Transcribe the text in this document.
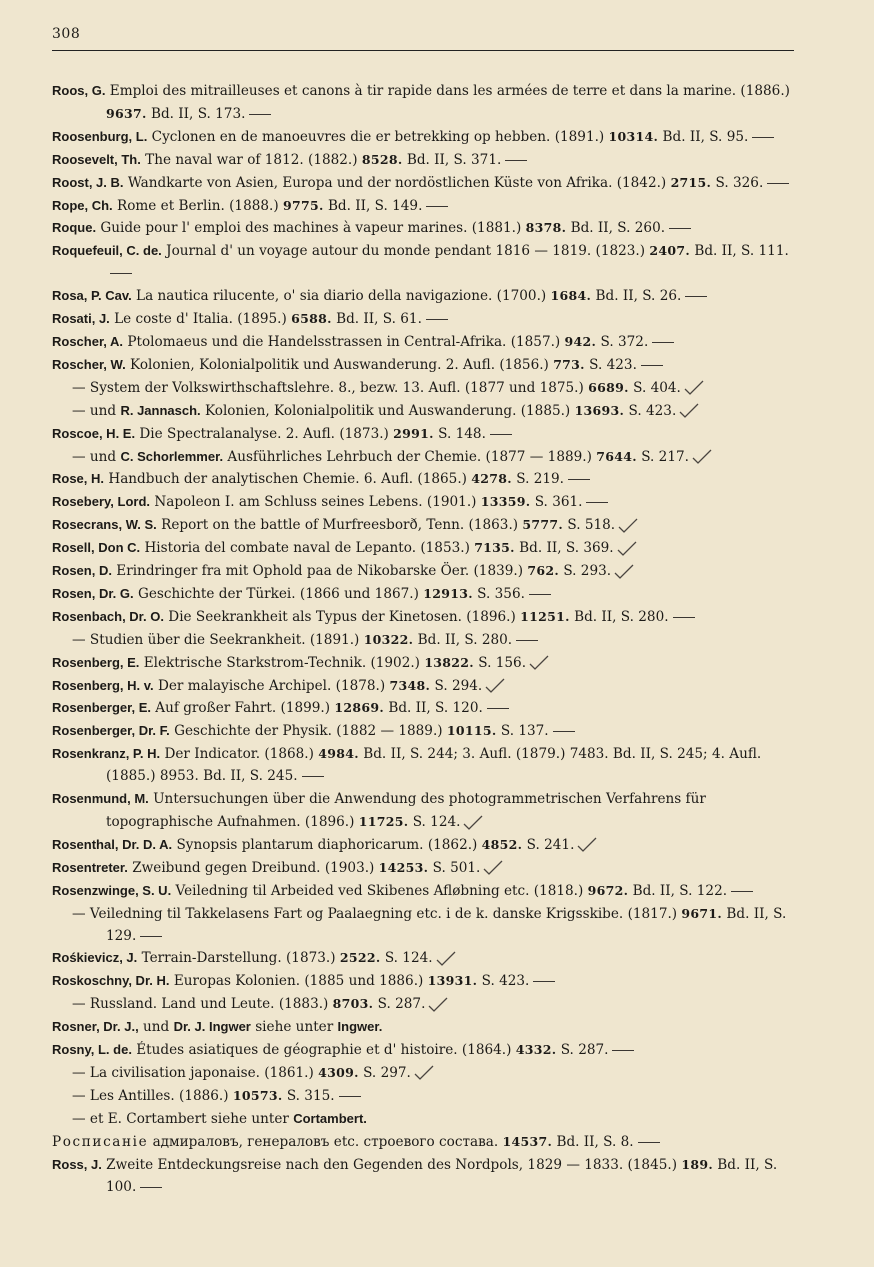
308

Roos, G. Emploi des mitrailleuses et canons à tir rapide dans les armées de terre et dans la marine. (1886.) 9637. Bd. II, S. 173.

Roosenburg, L. Cyclonen en de manoeuvres die er betrekking op hebben. (1891.) 10314. Bd. II, S. 95.

Roosevelt, Th. The naval war of 1812. (1882.) 8528. Bd. II, S. 371.

Roost, J. B. Wandkarte von Asien, Europa und der nordöstlichen Küste von Afrika. (1842.) 2715. S. 326.

Rope, Ch. Rome et Berlin. (1888.) 9775. Bd. II, S. 149.

Roque. Guide pour l' emploi des machines à vapeur marines. (1881.) 8378. Bd. II, S. 260.

Roquefeuil, C. de. Journal d' un voyage autour du monde pendant 1816 — 1819. (1823.) 2407. Bd. II, S. 111.

Rosa, P. Cav. La nautica rilucente, o' sia diario della navigazione. (1700.) 1684. Bd. II, S. 26.

Rosati, J. Le coste d' Italia. (1895.) 6588. Bd. II, S. 61.

Roscher, A. Ptolomaeus und die Handelsstrassen in Central-Afrika. (1857.) 942. S. 372.

Roscher, W. Kolonien, Kolonialpolitik und Auswanderung. 2. Aufl. (1856.) 773. S. 423.

— System der Volkswirthschaftslehre. 8., bezw. 13. Aufl. (1877 und 1875.) 6689. S. 404.

— und R. Jannasch. Kolonien, Kolonialpolitik und Auswanderung. (1885.) 13693. S. 423.

Roscoe, H. E. Die Spectralanalyse. 2. Aufl. (1873.) 2991. S. 148.

— und C. Schorlemmer. Ausführliches Lehrbuch der Chemie. (1877 — 1889.) 7644. S. 217.

Rose, H. Handbuch der analytischen Chemie. 6. Aufl. (1865.) 4278. S. 219.

Rosebery, Lord. Napoleon I. am Schluss seines Lebens. (1901.) 13359. S. 361.

Rosecrans, W. S. Report on the battle of Murfreesborð, Tenn. (1863.) 5777. S. 518.

Rosell, Don C. Historia del combate naval de Lepanto. (1853.) 7135. Bd. II, S. 369.

Rosen, D. Erindringer fra mit Ophold paa de Nikobarske Öer. (1839.) 762. S. 293.

Rosen, Dr. G. Geschichte der Türkei. (1866 und 1867.) 12913. S. 356.

Rosenbach, Dr. O. Die Seekrankheit als Typus der Kinetosen. (1896.) 11251. Bd. II, S. 280.

— Studien über die Seekrankheit. (1891.) 10322. Bd. II, S. 280.

Rosenberg, E. Elektrische Starkstrom-Technik. (1902.) 13822. S. 156.

Rosenberg, H. v. Der malayische Archipel. (1878.) 7348. S. 294.

Rosenberger, E. Auf großer Fahrt. (1899.) 12869. Bd. II, S. 120.

Rosenberger, Dr. F. Geschichte der Physik. (1882 — 1889.) 10115. S. 137.

Rosenkranz, P. H. Der Indicator. (1868.) 4984. Bd. II, S. 244; 3. Aufl. (1879.) 7483. Bd. II, S. 245; 4. Aufl. (1885.) 8953. Bd. II, S. 245.

Rosenmund, M. Untersuchungen über die Anwendung des photogrammetrischen Verfahrens für topographische Aufnahmen. (1896.) 11725. S. 124.

Rosenthal, Dr. D. A. Synopsis plantarum diaphoricarum. (1862.) 4852. S. 241.

Rosentreter. Zweibund gegen Dreibund. (1903.) 14253. S. 501.

Rosenzwinge, S. U. Veiledning til Arbeided ved Skibenes Afløbning etc. (1818.) 9672. Bd. II, S. 122.

— Veiledning til Takkelasens Fart og Paalaegning etc. i de k. danske Krigsskibe. (1817.) 9671. Bd. II, S. 129.

Rośkievicz, J. Terrain-Darstellung. (1873.) 2522. S. 124.

Roskoschny, Dr. H. Europas Kolonien. (1885 und 1886.) 13931. S. 423.

— Russland. Land und Leute. (1883.) 8703. S. 287.

Rosner, Dr. J., und Dr. J. Ingwer siehe unter Ingwer.

Rosny, L. de. Études asiatiques de géographie et d' histoire. (1864.) 4332. S. 287.

— La civilisation japonaise. (1861.) 4309. S. 297.

— Les Antilles. (1886.) 10573. S. 315.

— et E. Cortambert siehe unter Cortambert.

Росписаніе адмираловъ, генераловъ etc. строевого состава. 14537. Bd. II, S. 8.

Ross, J. Zweite Entdeckungsreise nach den Gegenden des Nordpols, 1829 — 1833. (1845.) 189. Bd. II, S. 100.
